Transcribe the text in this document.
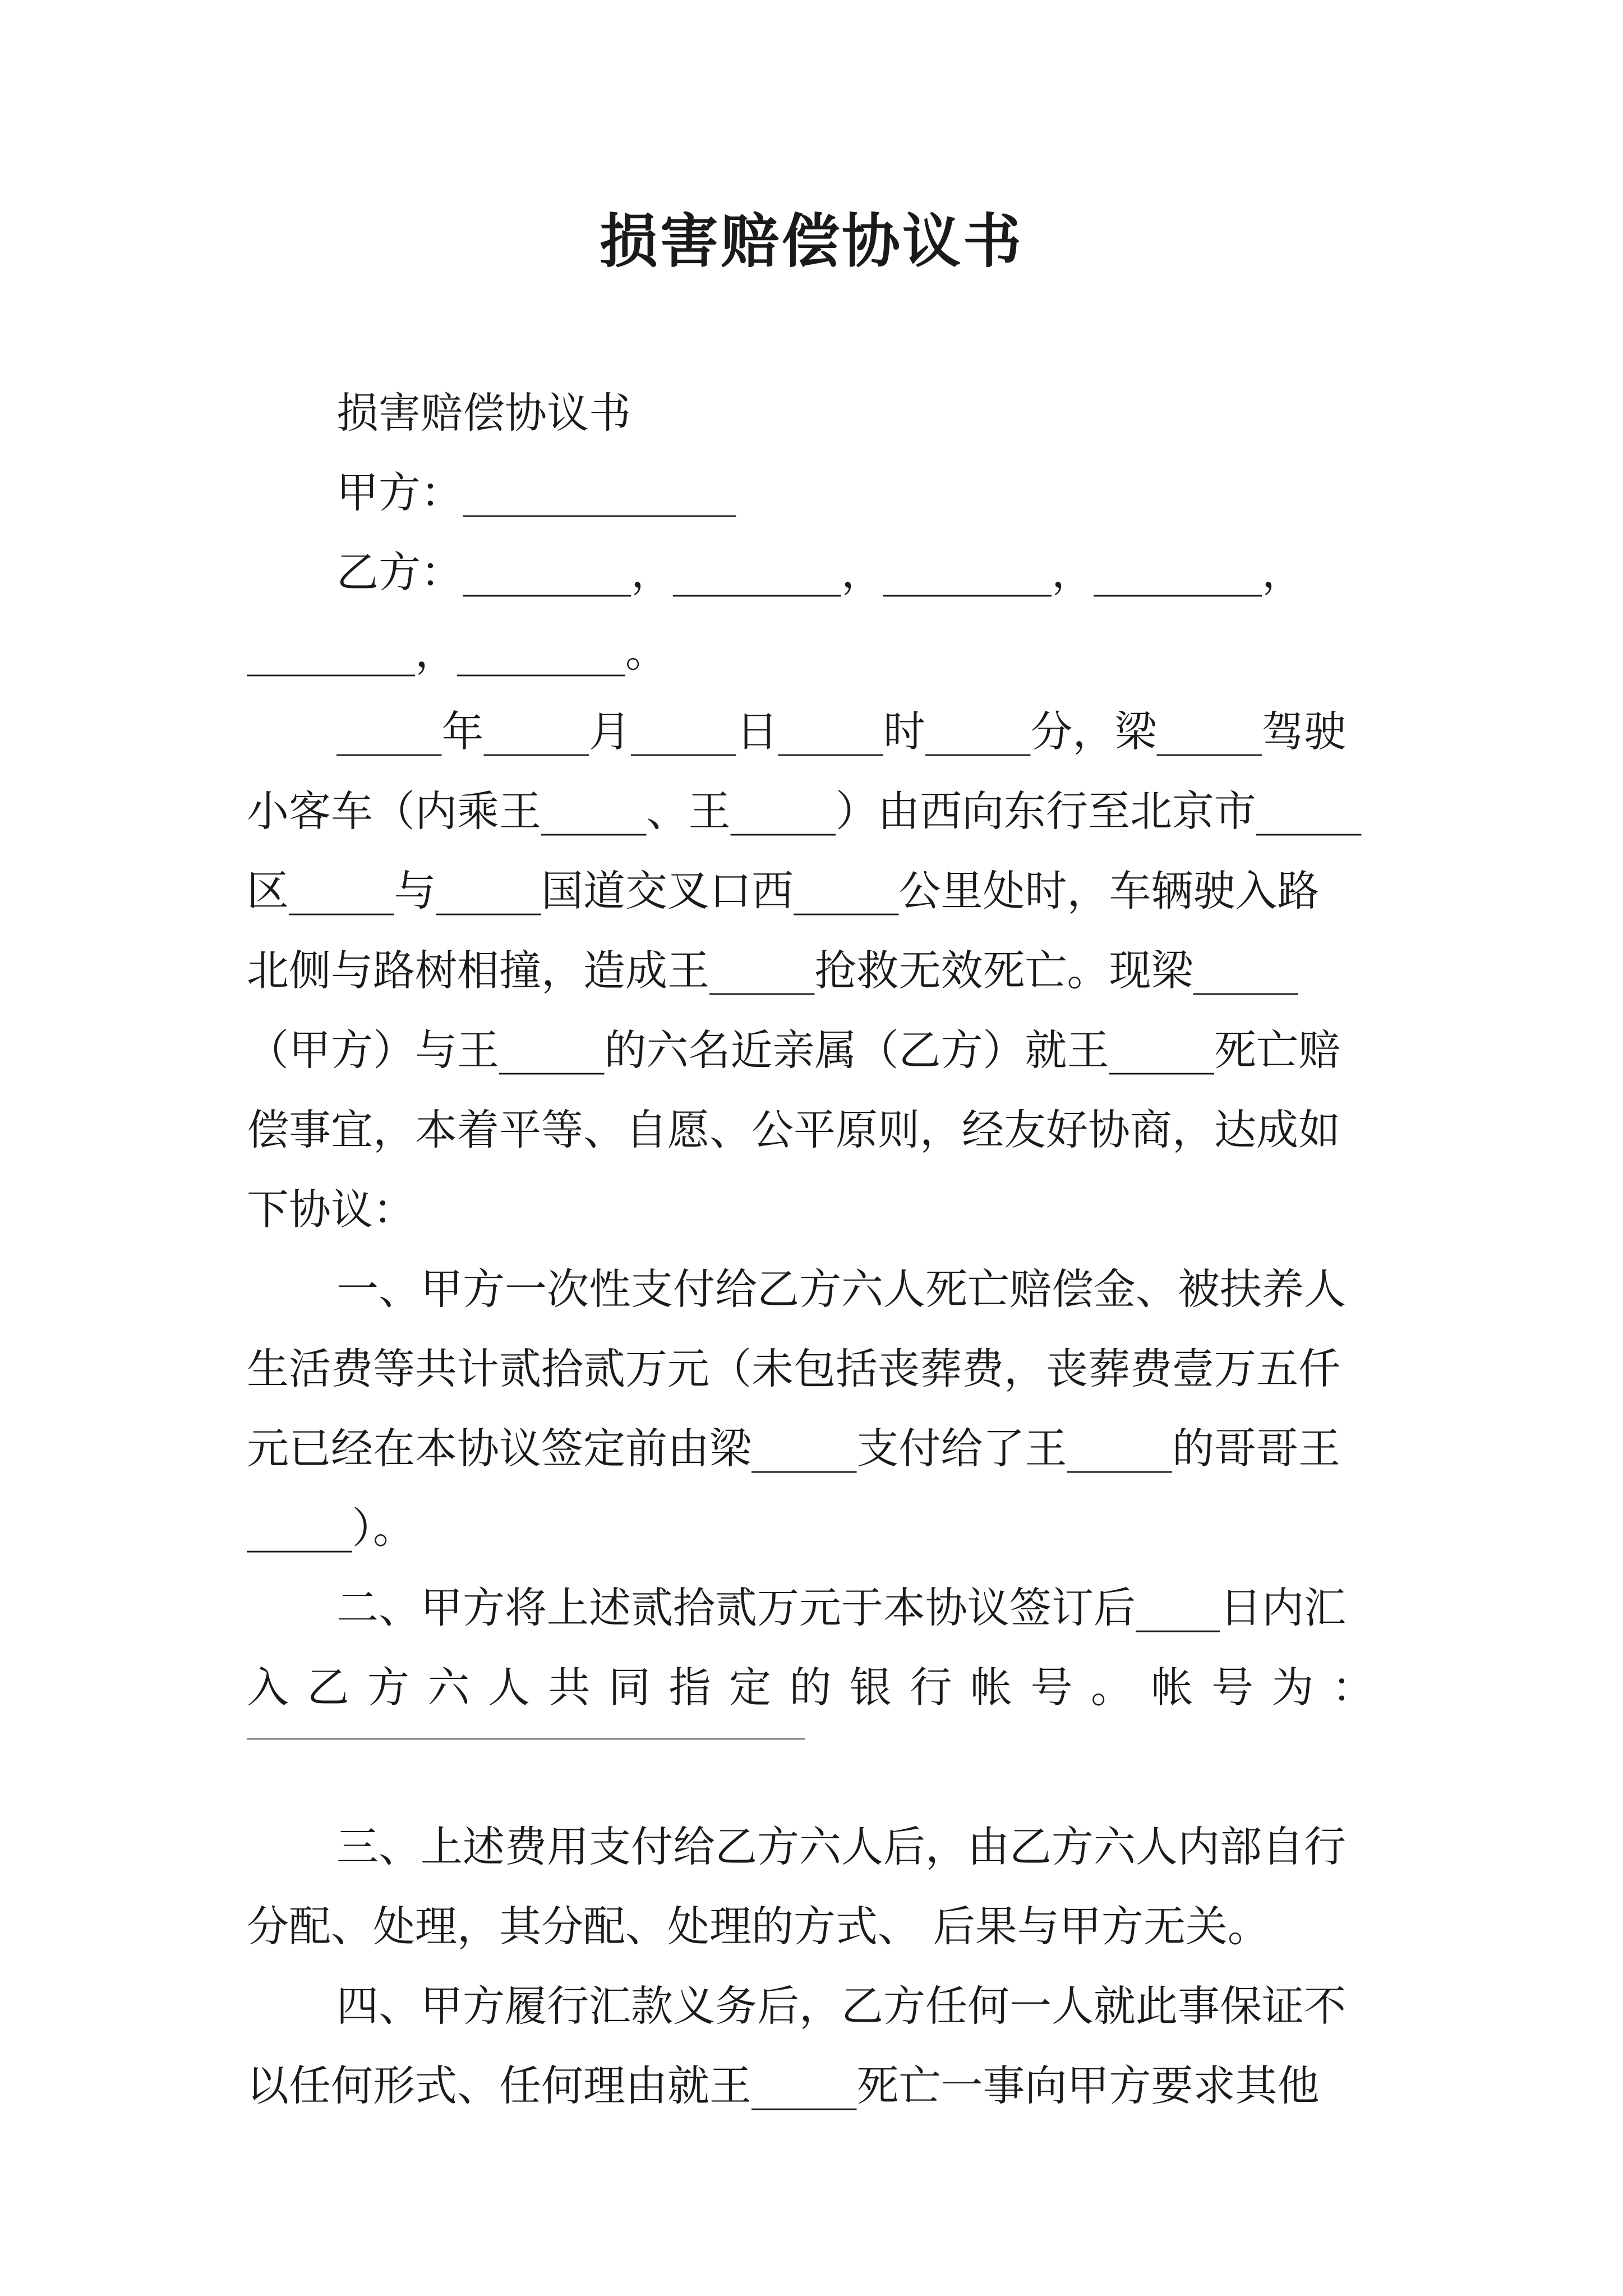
损害赔偿协议书
损害赔偿协议书
甲方：_____________
乙方：________，________，________，________，
________，________。
_____年_____月_____日_____时_____分，梁_____驾驶
小客车（内乘王_____、王_____）由西向东行至北京市_____
区_____与_____国道交叉口西_____公里处时，车辆驶入路
北侧与路树相撞，造成王_____抢救无效死亡。现梁_____
（甲方）与王_____的六名近亲属（乙方）就王_____死亡赔
偿事宜，本着平等、自愿、公平原则，经友好协商，达成如
下协议：
一、甲方一次性支付给乙方六人死亡赔偿金、被扶养人
生活费等共计贰拾贰万元（未包括丧葬费，丧葬费壹万五仟
元已经在本协议签定前由梁_____支付给了王_____的哥哥王
_____）。
二、甲方将上述贰拾贰万元于本协议签订后____日内汇
入乙方六人共同指定的银行帐号。帐号为：
三、上述费用支付给乙方六人后，由乙方六人内部自行
分配、处理，其分配、处理的方式、 后果与甲方无关。
四、甲方履行汇款义务后，乙方任何一人就此事保证不
以任何形式、任何理由就王_____死亡一事向甲方要求其他
